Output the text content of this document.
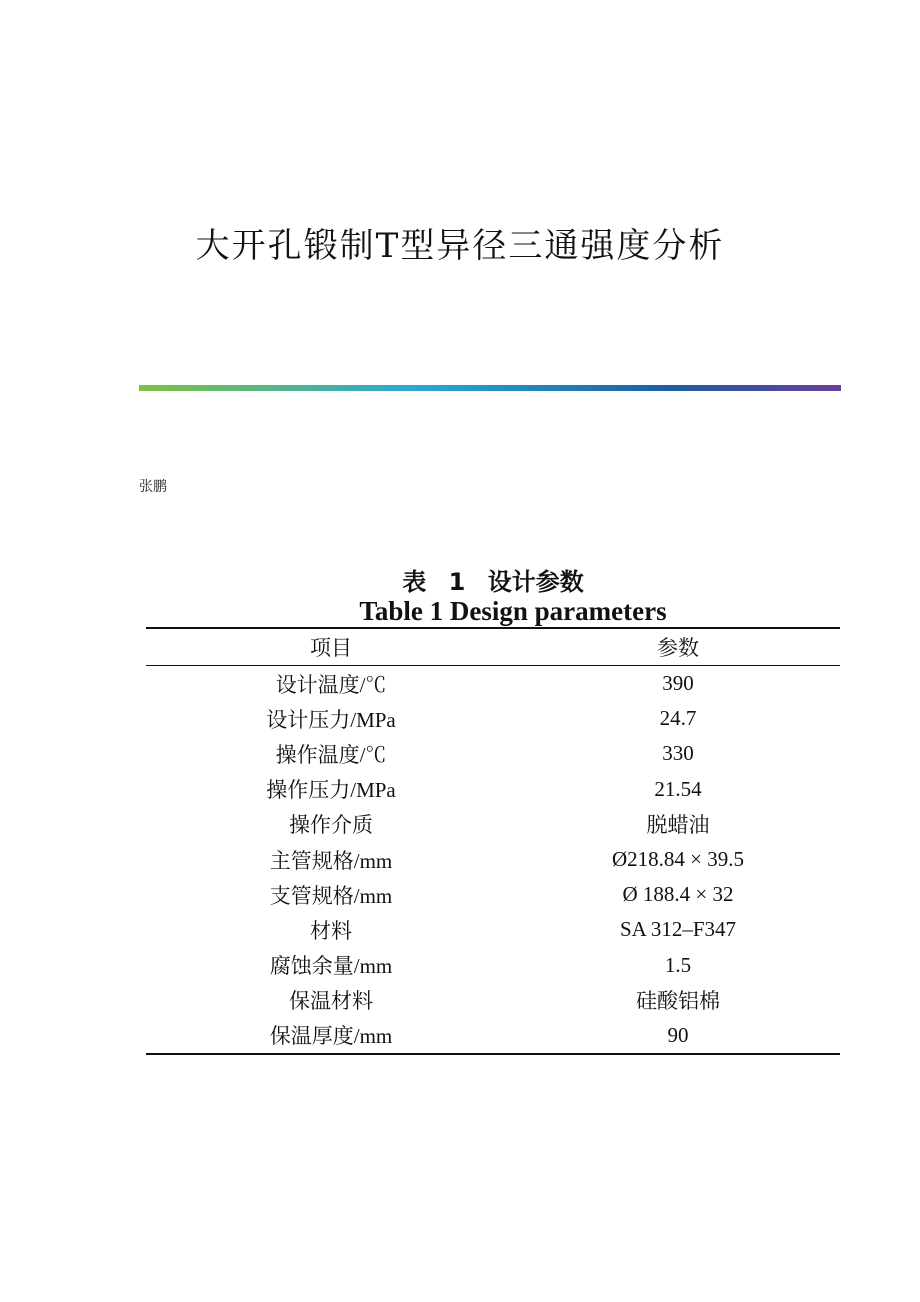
大开孔锻制T型异径三通强度分析
张鹏
表 1 设计参数
Table 1 Design parameters
项目	参数
设计温度/℃	390
设计压力/MPa	24.7
操作温度/℃	330
操作压力/MPa	21.54
操作介质	脱蜡油
主管规格/mm	Ø218.84 × 39.5
支管规格/mm	Ø 188.4 × 32
材料	SA 312–F347
腐蚀余量/mm	1.5
保温材料	硅酸铝棉
保温厚度/mm	90
